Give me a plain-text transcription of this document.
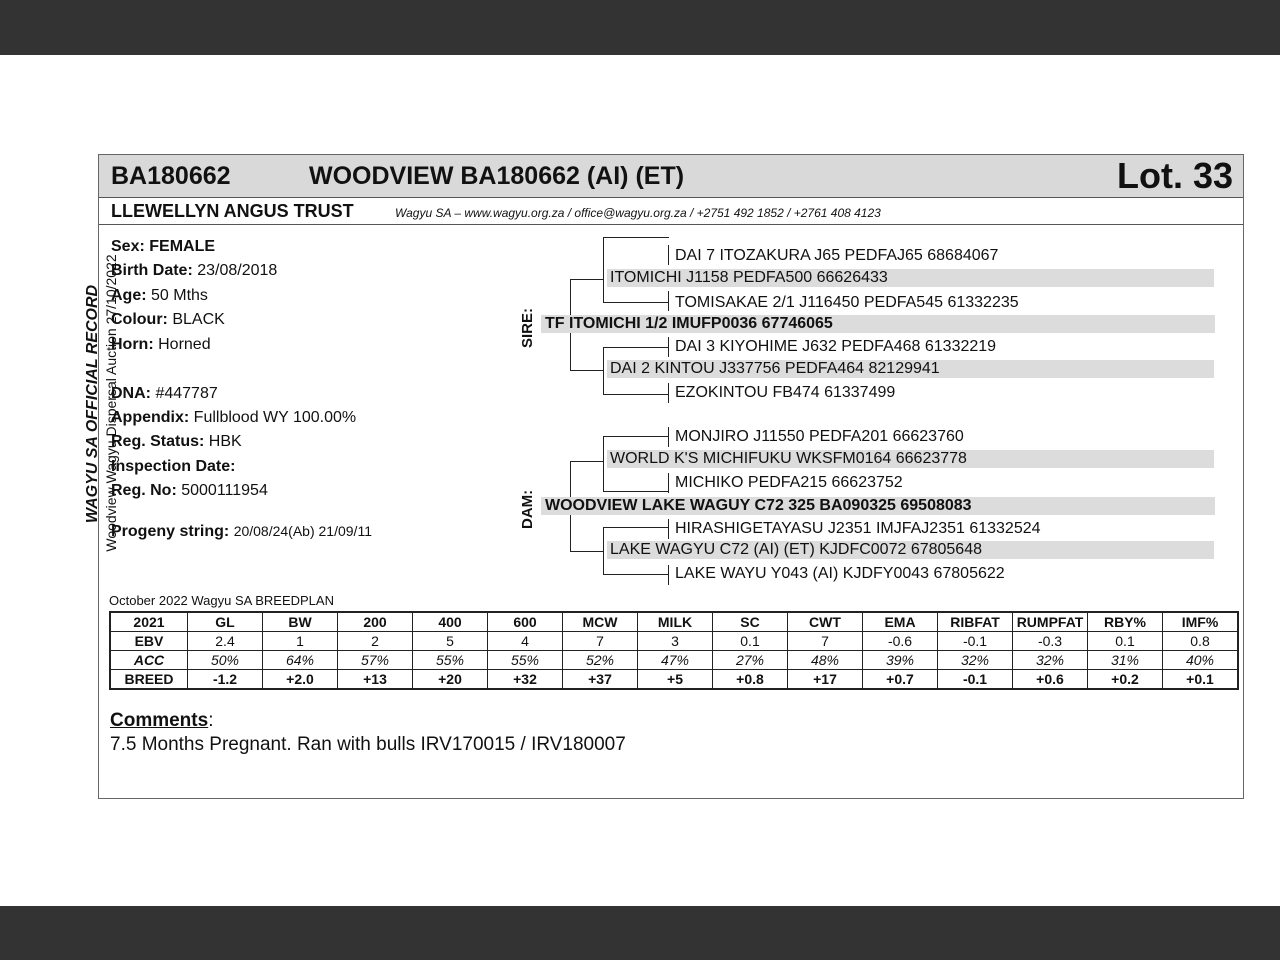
BA180662	WOODVIEW BA180662 (AI) (ET)	Lot. 33
LLEWELLYN ANGUS TRUST	Wagyu SA – www.wagyu.org.za / office@wagyu.org.za / +2751 492 1852 / +2761 408 4123
WAGYU SA OFFICIAL RECORD Woodview Wagyu Dispersal Auction 27/10/2022
Sex: FEMALE
Birth Date: 23/08/2018
Age: 50 Mths
Colour: BLACK
Horn: Horned
DNA: #447787
Appendix: Fullblood WY 100.00%
Reg. Status: HBK
Inspection Date:
Reg. No: 5000111954
Progeny string: 20/08/24(Ab) 21/09/11
SIRE:
DAM:
DAI 7 ITOZAKURA J65 PEDFAJ65 68684067
ITOMICHI J1158 PEDFA500 66626433
TOMISAKAE 2/1 J116450 PEDFA545 61332235
TF ITOMICHI 1/2 IMUFP0036 67746065
DAI 3 KIYOHIME J632 PEDFA468 61332219
DAI 2 KINTOU J337756 PEDFA464 82129941
EZOKINTOU FB474 61337499
MONJIRO J11550 PEDFA201 66623760
WORLD K'S MICHIFUKU WKSFM0164 66623778
MICHIKO PEDFA215 66623752
WOODVIEW LAKE WAGUY C72 325 BA090325 69508083
HIRASHIGETAYASU J2351 IMJFAJ2351 61332524
LAKE WAGYU C72 (AI) (ET) KJDFC0072 67805648
LAKE WAYU Y043 (AI) KJDFY0043 67805622
October 2022 Wagyu SA BREEDPLAN
2021	GL	BW	200	400	600	MCW	MILK	SC	CWT	EMA	RIBFAT	RUMPFAT	RBY%	IMF%
EBV	2.4	1	2	5	4	7	3	0.1	7	-0.6	-0.1	-0.3	0.1	0.8
ACC	50%	64%	57%	55%	55%	52%	47%	27%	48%	39%	32%	32%	31%	40%
BREED	-1.2	+2.0	+13	+20	+32	+37	+5	+0.8	+17	+0.7	-0.1	+0.6	+0.2	+0.1
Comments:
7.5 Months Pregnant. Ran with bulls IRV170015 / IRV180007
